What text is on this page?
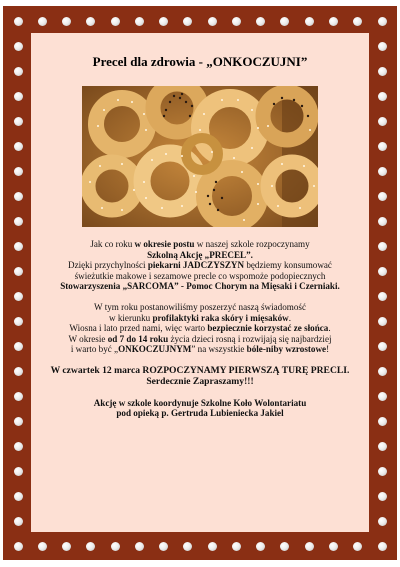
Precel dla zdrowia - „ONKOCZUJNI”

Jak co roku w okresie postu w naszej szkole rozpoczynamy
Szkolną Akcję „PRECEL”.
Dzięki przychylności piekarni JADCZYSZYN będziemy konsumować
świeżutkie makowe i sezamowe precle co wspomoże podopiecznych
Stowarzyszenia „SARCOMA” - Pomoc Chorym na Mięsaki i Czerniaki.

W tym roku postanowiliśmy poszerzyć naszą świadomość
w kierunku profilaktyki raka skóry i mięsaków.
Wiosna i lato przed nami, więc warto bezpiecznie korzystać ze słońca.
W okresie od 7 do 14 roku życia dzieci rosną i rozwijają się najbardziej
i warto być „ONKOCZUJNYM” na wszystkie bóle-niby wzrostowe!

W czwartek 12 marca ROZPOCZYNAMY PIERWSZĄ TURĘ PRECLI.
Serdecznie Zapraszamy!!!

Akcję w szkole koordynuje Szkolne Koło Wolontariatu
pod opieką p. Gertruda Lubieniecka Jakiel
